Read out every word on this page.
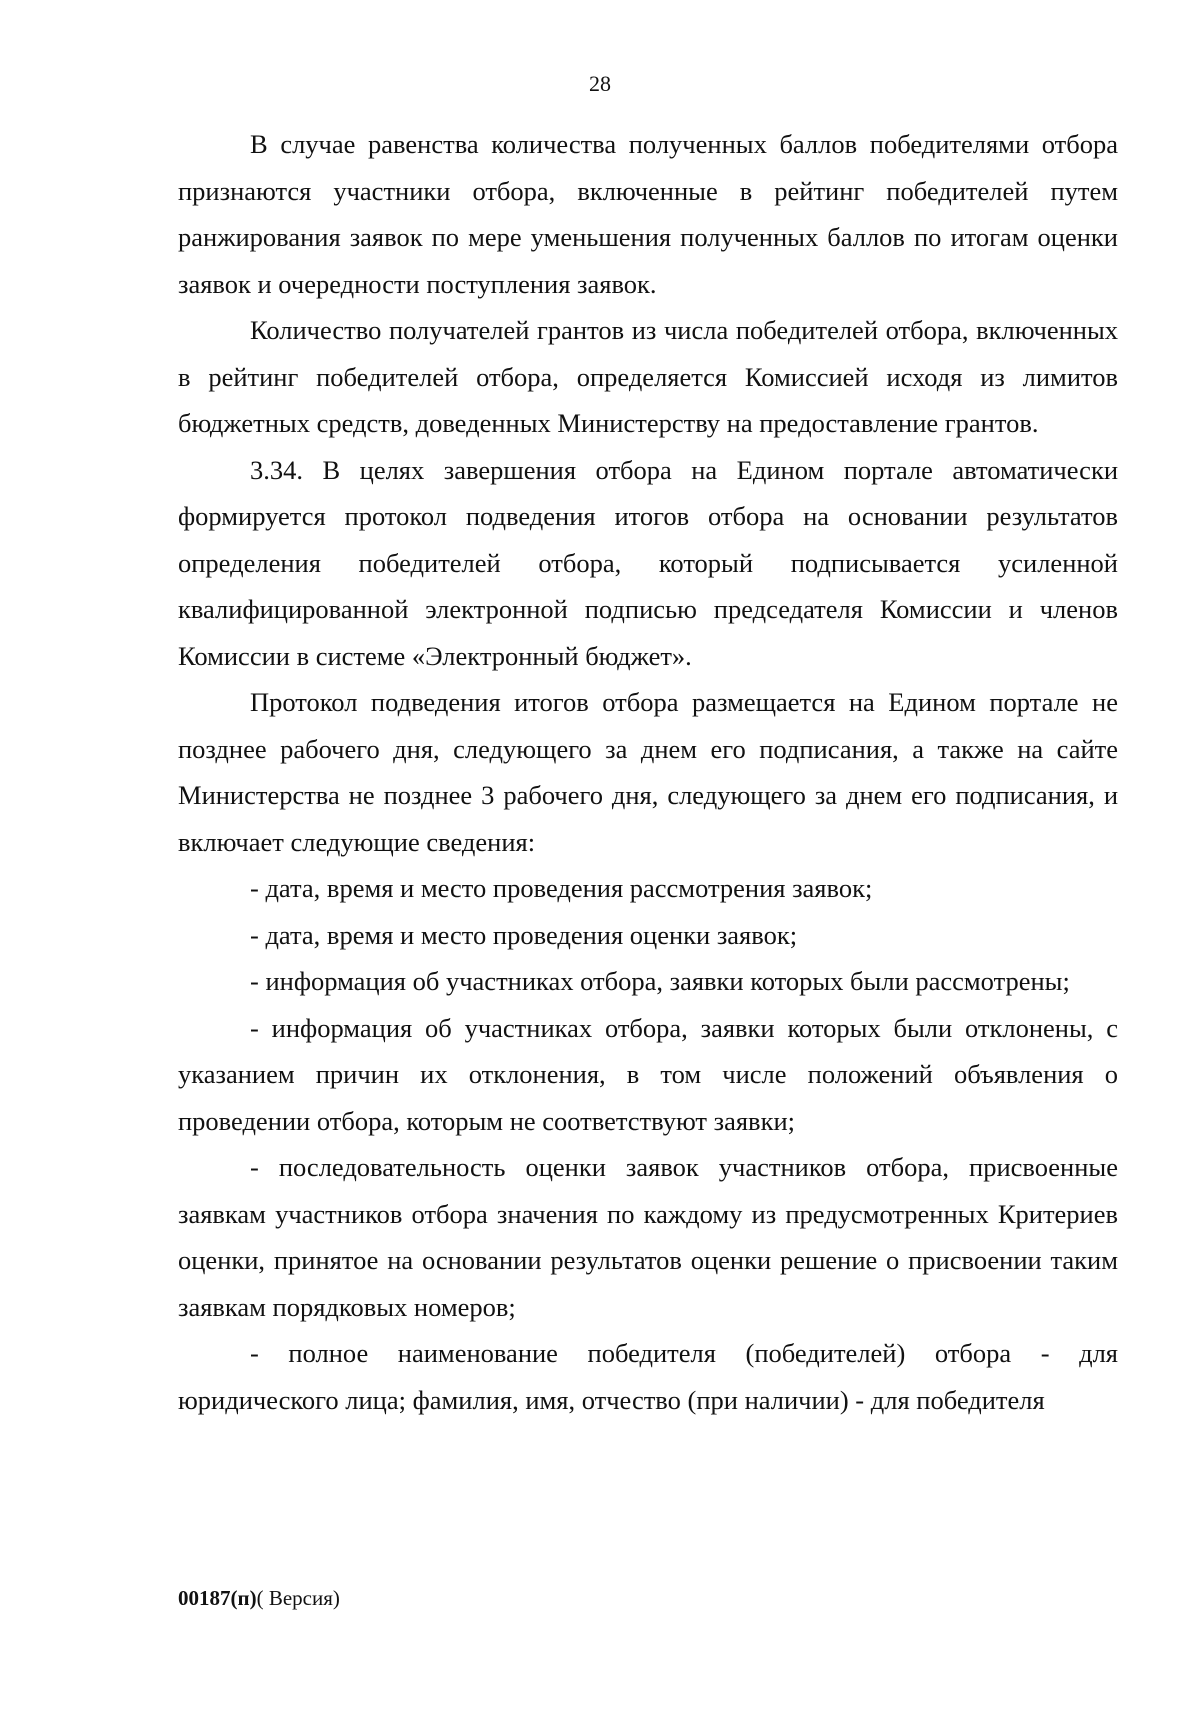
28

В случае равенства количества полученных баллов победителями отбора признаются участники отбора, включенные в рейтинг победителей путем ранжирования заявок по мере уменьшения полученных баллов по итогам оценки заявок и очередности поступления заявок.

Количество получателей грантов из числа победителей отбора, включенных в рейтинг победителей отбора, определяется Комиссией исходя из лимитов бюджетных средств, доведенных Министерству на предоставление грантов.

3.34. В целях завершения отбора на Едином портале автоматически формируется протокол подведения итогов отбора на основании результатов определения победителей отбора, который подписывается усиленной квалифицированной электронной подписью председателя Комиссии и членов Комиссии в системе «Электронный бюджет».

Протокол подведения итогов отбора размещается на Едином портале не позднее рабочего дня, следующего за днем его подписания, а также на сайте Министерства не позднее 3 рабочего дня, следующего за днем его подписания, и включает следующие сведения:

- дата, время и место проведения рассмотрения заявок;

- дата, время и место проведения оценки заявок;

- информация об участниках отбора, заявки которых были рассмотрены;

- информация об участниках отбора, заявки которых были отклонены, с указанием причин их отклонения, в том числе положений объявления о проведении отбора, которым не соответствуют заявки;

- последовательность оценки заявок участников отбора, присвоенные заявкам участников отбора значения по каждому из предусмотренных Критериев оценки, принятое на основании результатов оценки решение о присвоении таким заявкам порядковых номеров;

- полное наименование победителя (победителей) отбора - для юридического лица; фамилия, имя, отчество (при наличии) - для победителя

00187(п)( Версия)
